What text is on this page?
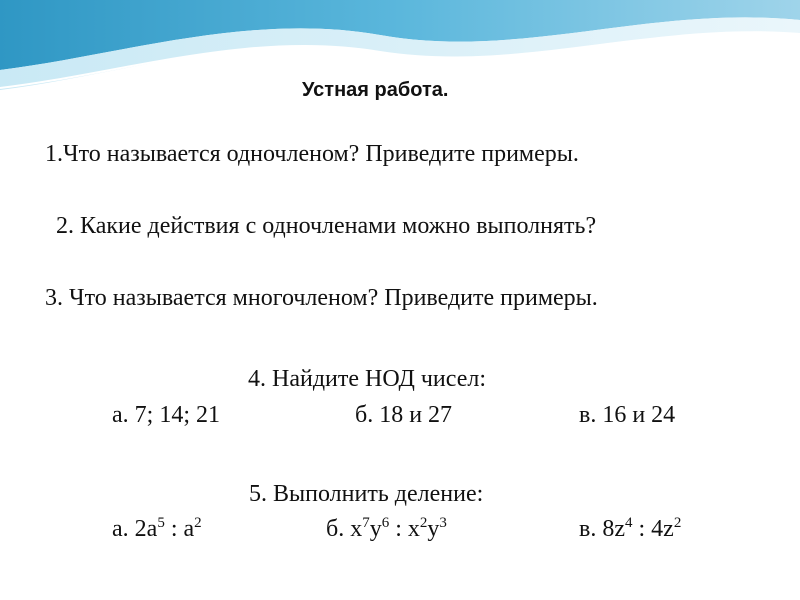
Устная работа.
1.Что называется одночленом? Приведите примеры.
2. Какие действия с одночленами можно выполнять?
3. Что называется многочленом? Приведите примеры.
4. Найдите НОД чисел:
а. 7; 14; 21	б. 18 и 27	в. 16 и 24
5. Выполнить деление:
а. $2а^5$ : $а^2$	б. $х^7у^6$ : $х^2у^3$	в. $8z^4$ : $4z^2$
